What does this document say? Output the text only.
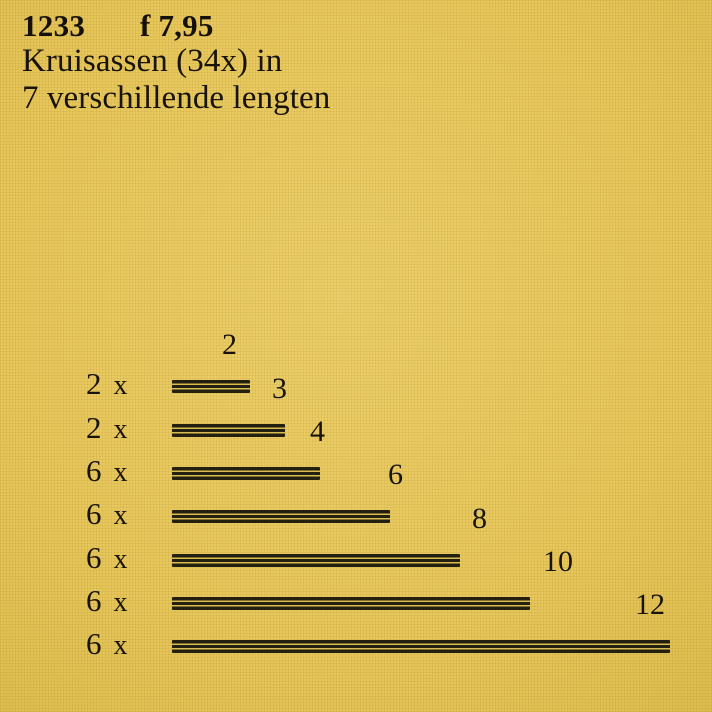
1233	f 7,95
Kruisassen (34x) in
7 verschillende lengten
2 x
2 x
6 x
6 x
6 x
6 x
6 x
2
3
4
6
8
10
12
